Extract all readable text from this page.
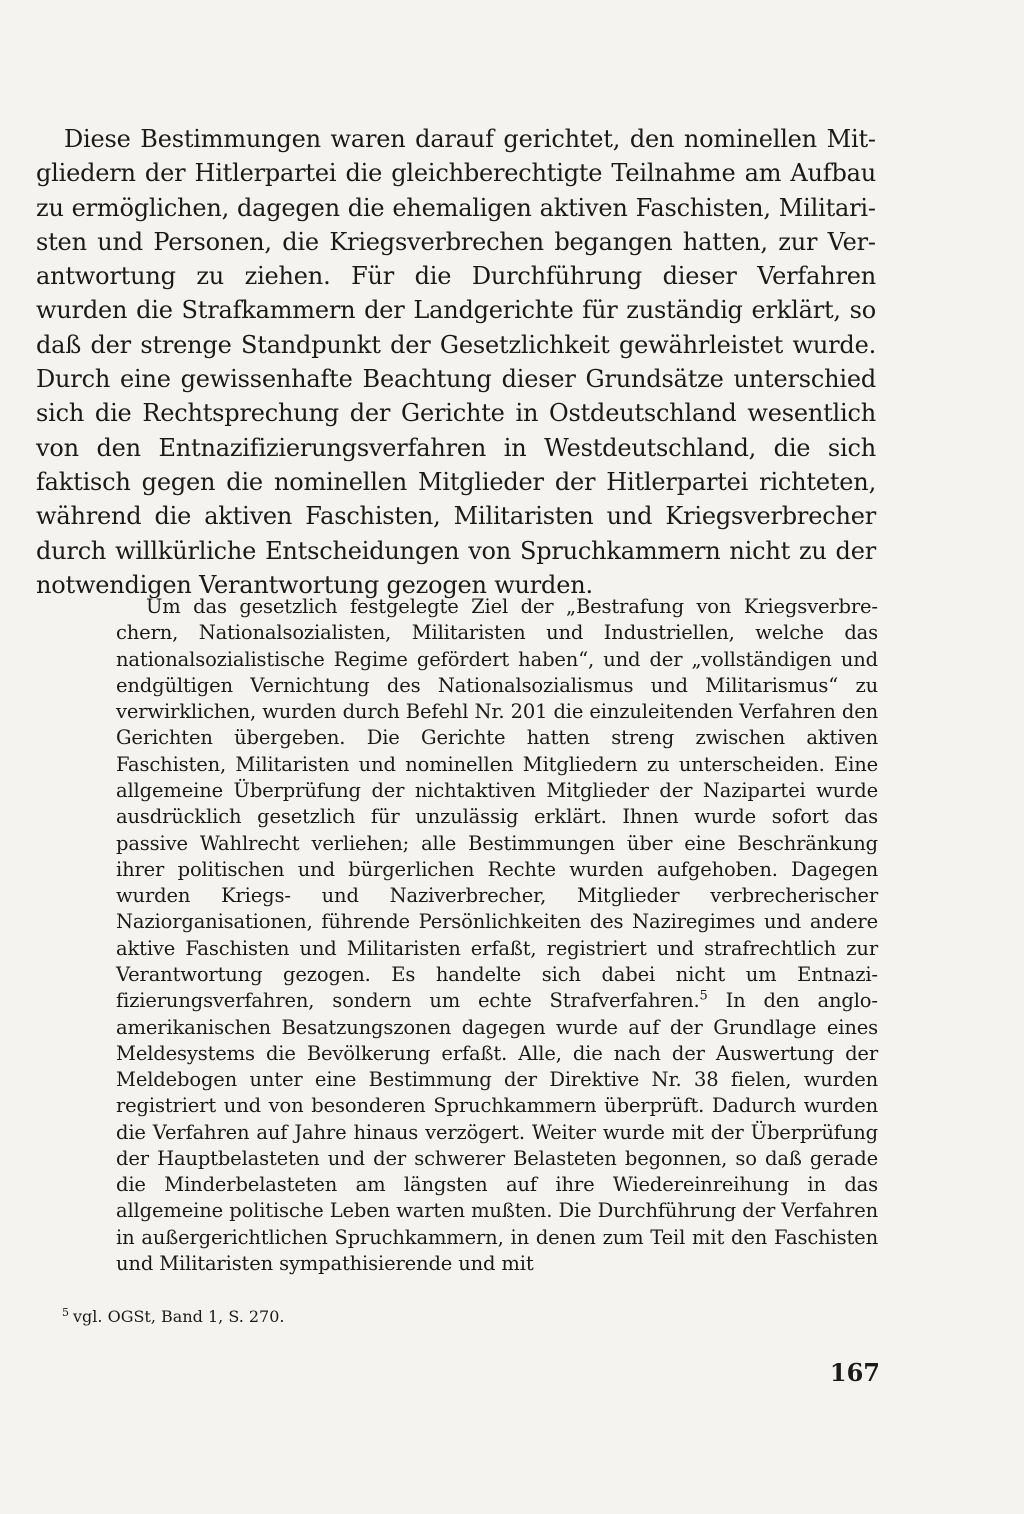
Diese Bestimmungen waren darauf gerichtet, den nominellen Mitgliedern der Hitlerpartei die gleichberechtigte Teilnahme am Aufbau zu ermöglichen, dagegen die ehemaligen aktiven Faschisten, Militaristen und Personen, die Kriegsverbrechen begangen hatten, zur Verantwortung zu ziehen. Für die Durchführung dieser Verfahren wurden die Strafkammern der Landgerichte für zuständig erklärt, so daß der strenge Standpunkt der Gesetzlichkeit gewährleistet wurde. Durch eine gewissenhafte Beachtung dieser Grundsätze unterschied sich die Rechtsprechung der Gerichte in Ostdeutschland wesentlich von den Entnazifizierungsverfahren in Westdeutschland, die sich faktisch gegen die nominellen Mitglieder der Hitlerpartei richteten, während die aktiven Faschisten, Militaristen und Kriegsverbrecher durch willkürliche Entscheidungen von Spruchkammern nicht zu der notwendigen Verantwortung gezogen wurden.

Um das gesetzlich festgelegte Ziel der „Bestrafung von Kriegsverbrechern, Nationalsozialisten, Militaristen und Industriellen, welche das nationalsozialistische Regime gefördert haben“, und der „vollständigen und endgültigen Vernichtung des Nationalsozialismus und Militarismus“ zu verwirklichen, wurden durch Befehl Nr. 201 die einzuleitenden Verfahren den Gerichten übergeben. Die Gerichte hatten streng zwischen aktiven Faschisten, Militaristen und nominellen Mitgliedern zu unterscheiden. Eine allgemeine Überprüfung der nichtaktiven Mitglieder der Nazipartei wurde ausdrücklich gesetzlich für unzulässig erklärt. Ihnen wurde sofort das passive Wahlrecht verliehen; alle Bestimmungen über eine Beschränkung ihrer politischen und bürgerlichen Rechte wurden aufgehoben. Dagegen wurden Kriegs- und Naziverbrecher, Mitglieder verbrecherischer Naziorganisationen, führende Persönlichkeiten des Naziregimes und andere aktive Faschisten und Militaristen erfaßt, registriert und strafrechtlich zur Verantwortung gezogen. Es handelte sich dabei nicht um Entnazifizierungsverfahren, sondern um echte Strafverfahren.$^5$ In den angloamerikanischen Besatzungszonen dagegen wurde auf der Grundlage eines Meldesystems die Bevölkerung erfaßt. Alle, die nach der Auswertung der Meldebogen unter eine Bestimmung der Direktive Nr. 38 fielen, wurden registriert und von besonderen Spruchkammern überprüft. Dadurch wurden die Verfahren auf Jahre hinaus verzögert. Weiter wurde mit der Überprüfung der Hauptbelasteten und der schwerer Belasteten begonnen, so daß gerade die Minderbelasteten am längsten auf ihre Wiedereinreihung in das allgemeine politische Leben warten mußten. Die Durchführung der Verfahren in außergerichtlichen Spruchkammern, in denen zum Teil mit den Faschisten und Militaristen sympathisierende und mit

$^5$ vgl. OGSt, Band 1, S. 270.

167
